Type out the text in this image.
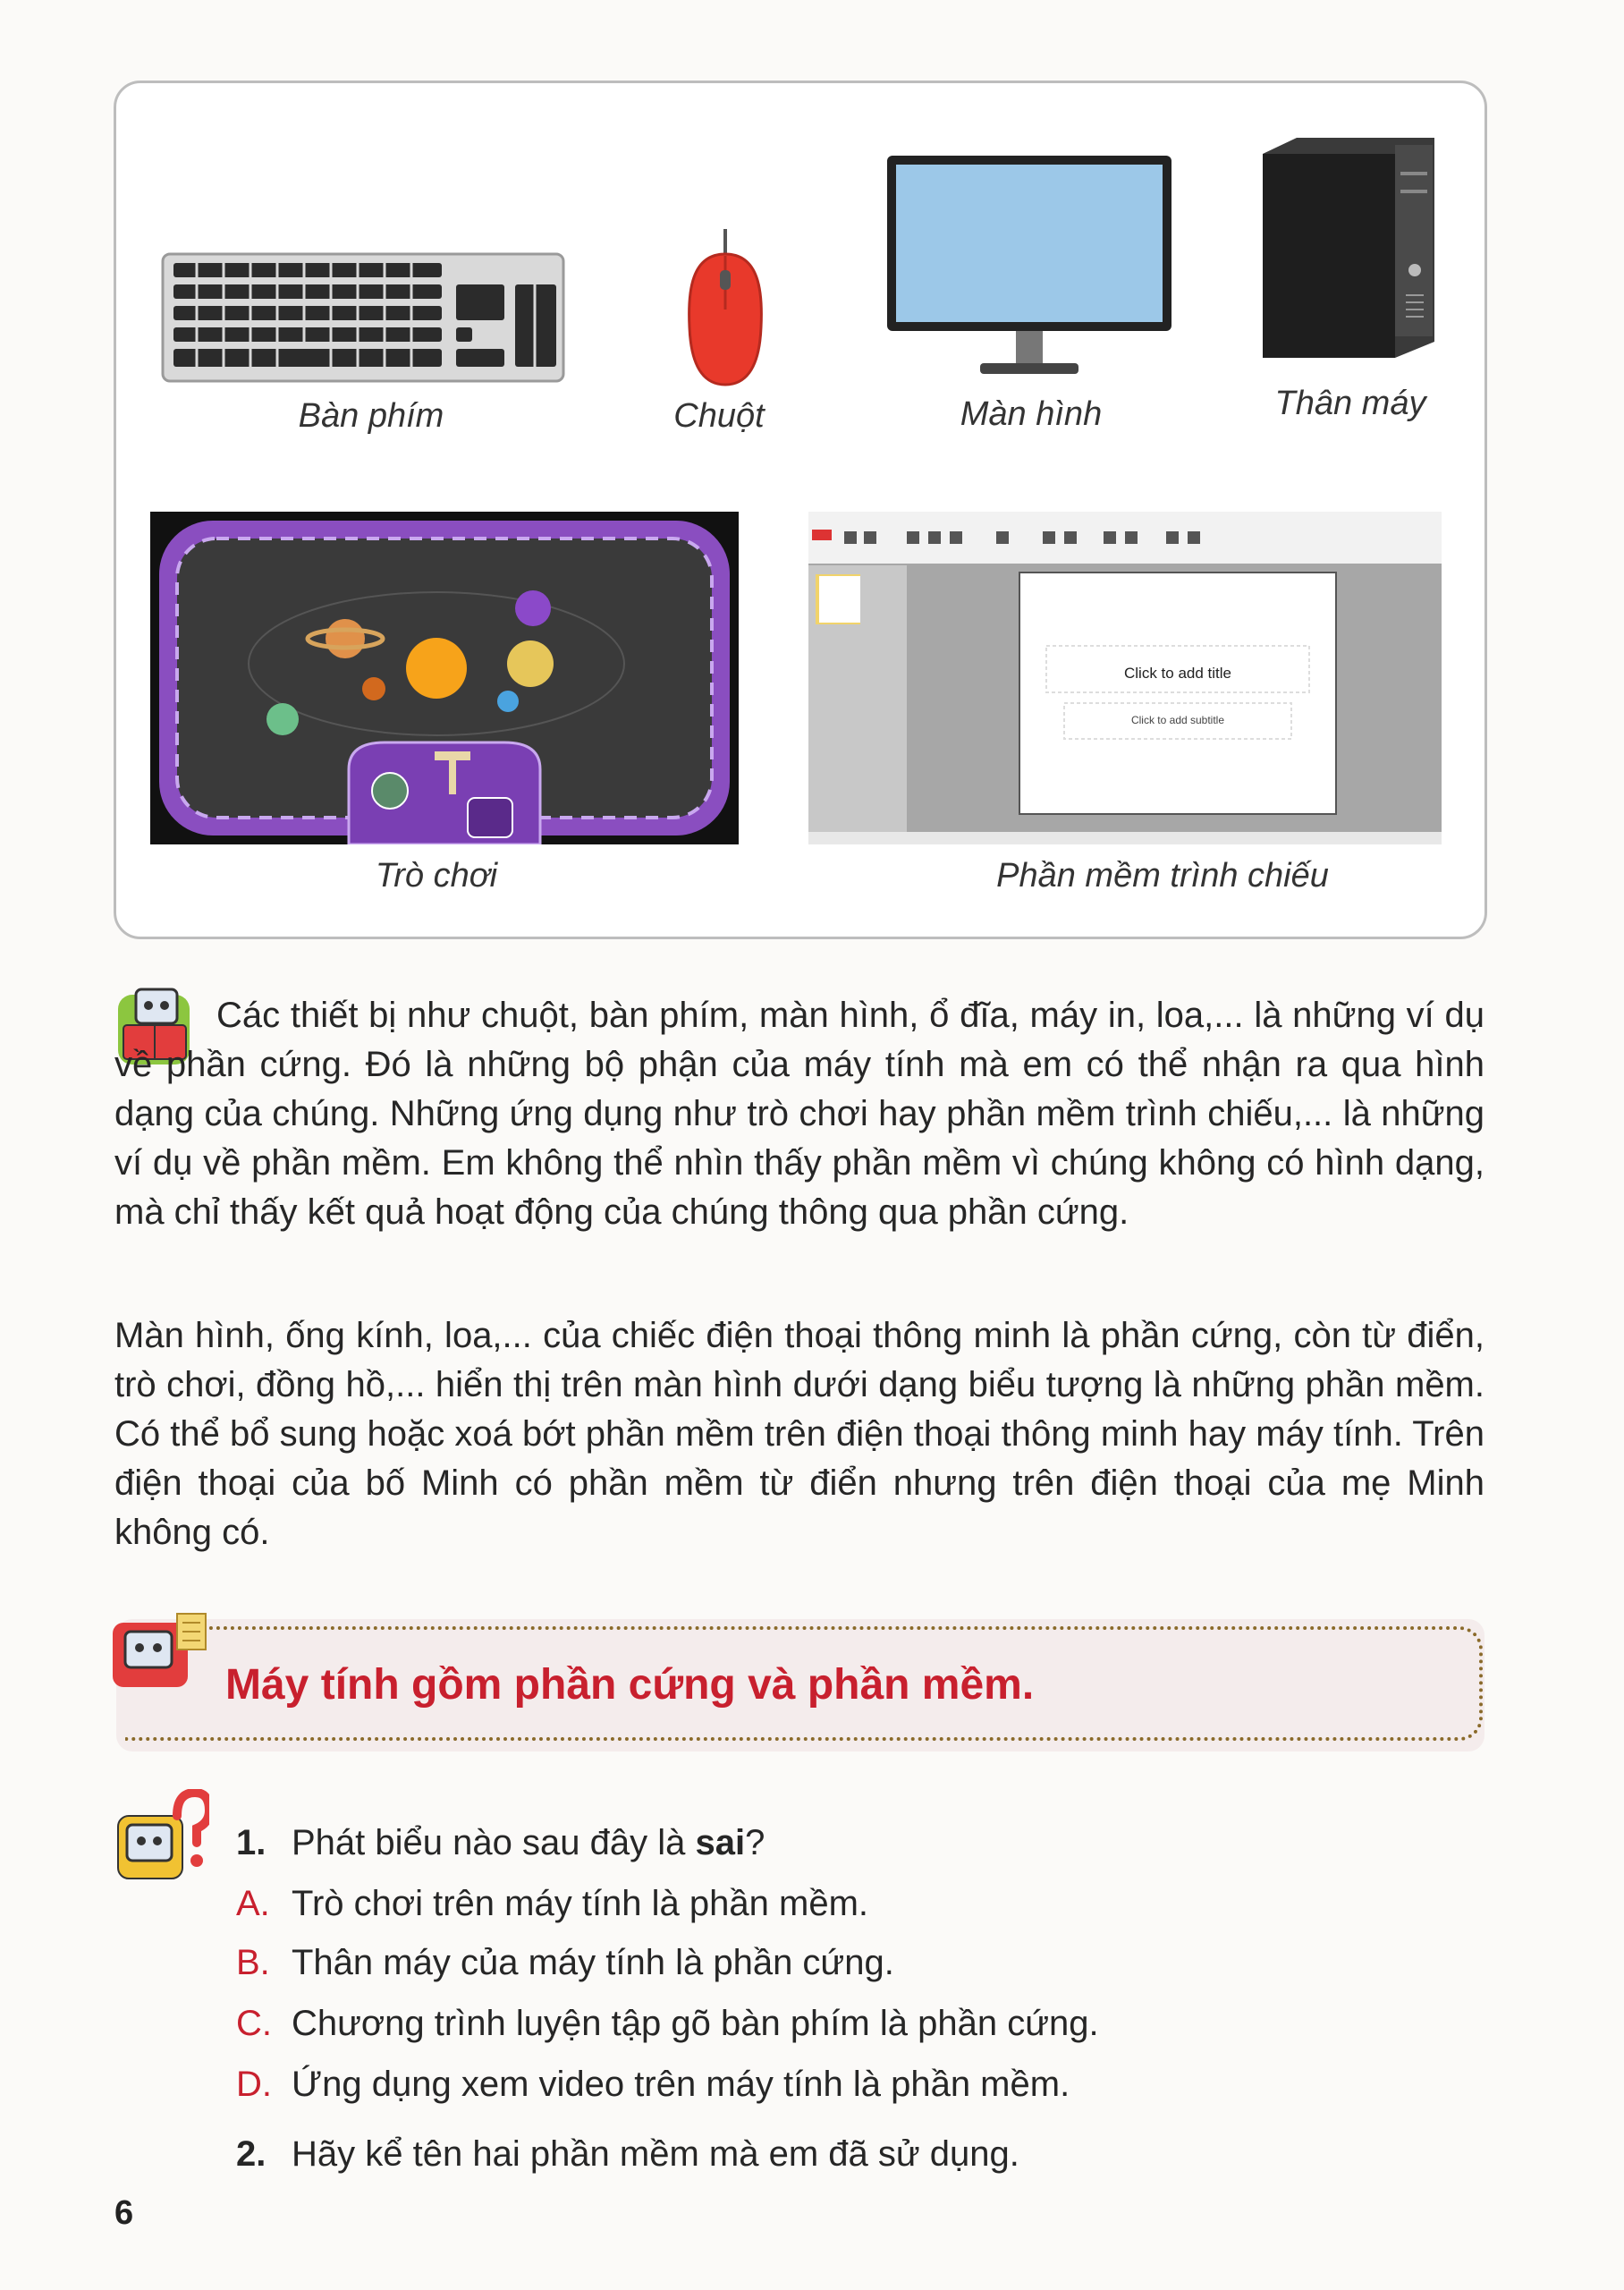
Bàn phím	Chuột	Màn hình	Thân máy
Click to add title
Click to add subtitle
Trò chơi	Phần mềm trình chiếu

Các thiết bị như chuột, bàn phím, màn hình, ổ đĩa, máy in, loa,... là những ví dụ về phần cứng. Đó là những bộ phận của máy tính mà em có thể nhận ra qua hình dạng của chúng. Những ứng dụng như trò chơi hay phần mềm trình chiếu,... là những ví dụ về phần mềm. Em không thể nhìn thấy phần mềm vì chúng không có hình dạng, mà chỉ thấy kết quả hoạt động của chúng thông qua phần cứng.

Màn hình, ống kính, loa,... của chiếc điện thoại thông minh là phần cứng, còn từ điển, trò chơi, đồng hồ,... hiển thị trên màn hình dưới dạng biểu tượng là những phần mềm. Có thể bổ sung hoặc xoá bớt phần mềm trên điện thoại thông minh hay máy tính. Trên điện thoại của bố Minh có phần mềm từ điển nhưng trên điện thoại của mẹ Minh không có.

Máy tính gồm phần cứng và phần mềm.
1. Phát biểu nào sau đây là sai?
A. Trò chơi trên máy tính là phần mềm.
B. Thân máy của máy tính là phần cứng.
C. Chương trình luyện tập gõ bàn phím là phần cứng.
D. Ứng dụng xem video trên máy tính là phần mềm.
2. Hãy kể tên hai phần mềm mà em đã sử dụng.
6
